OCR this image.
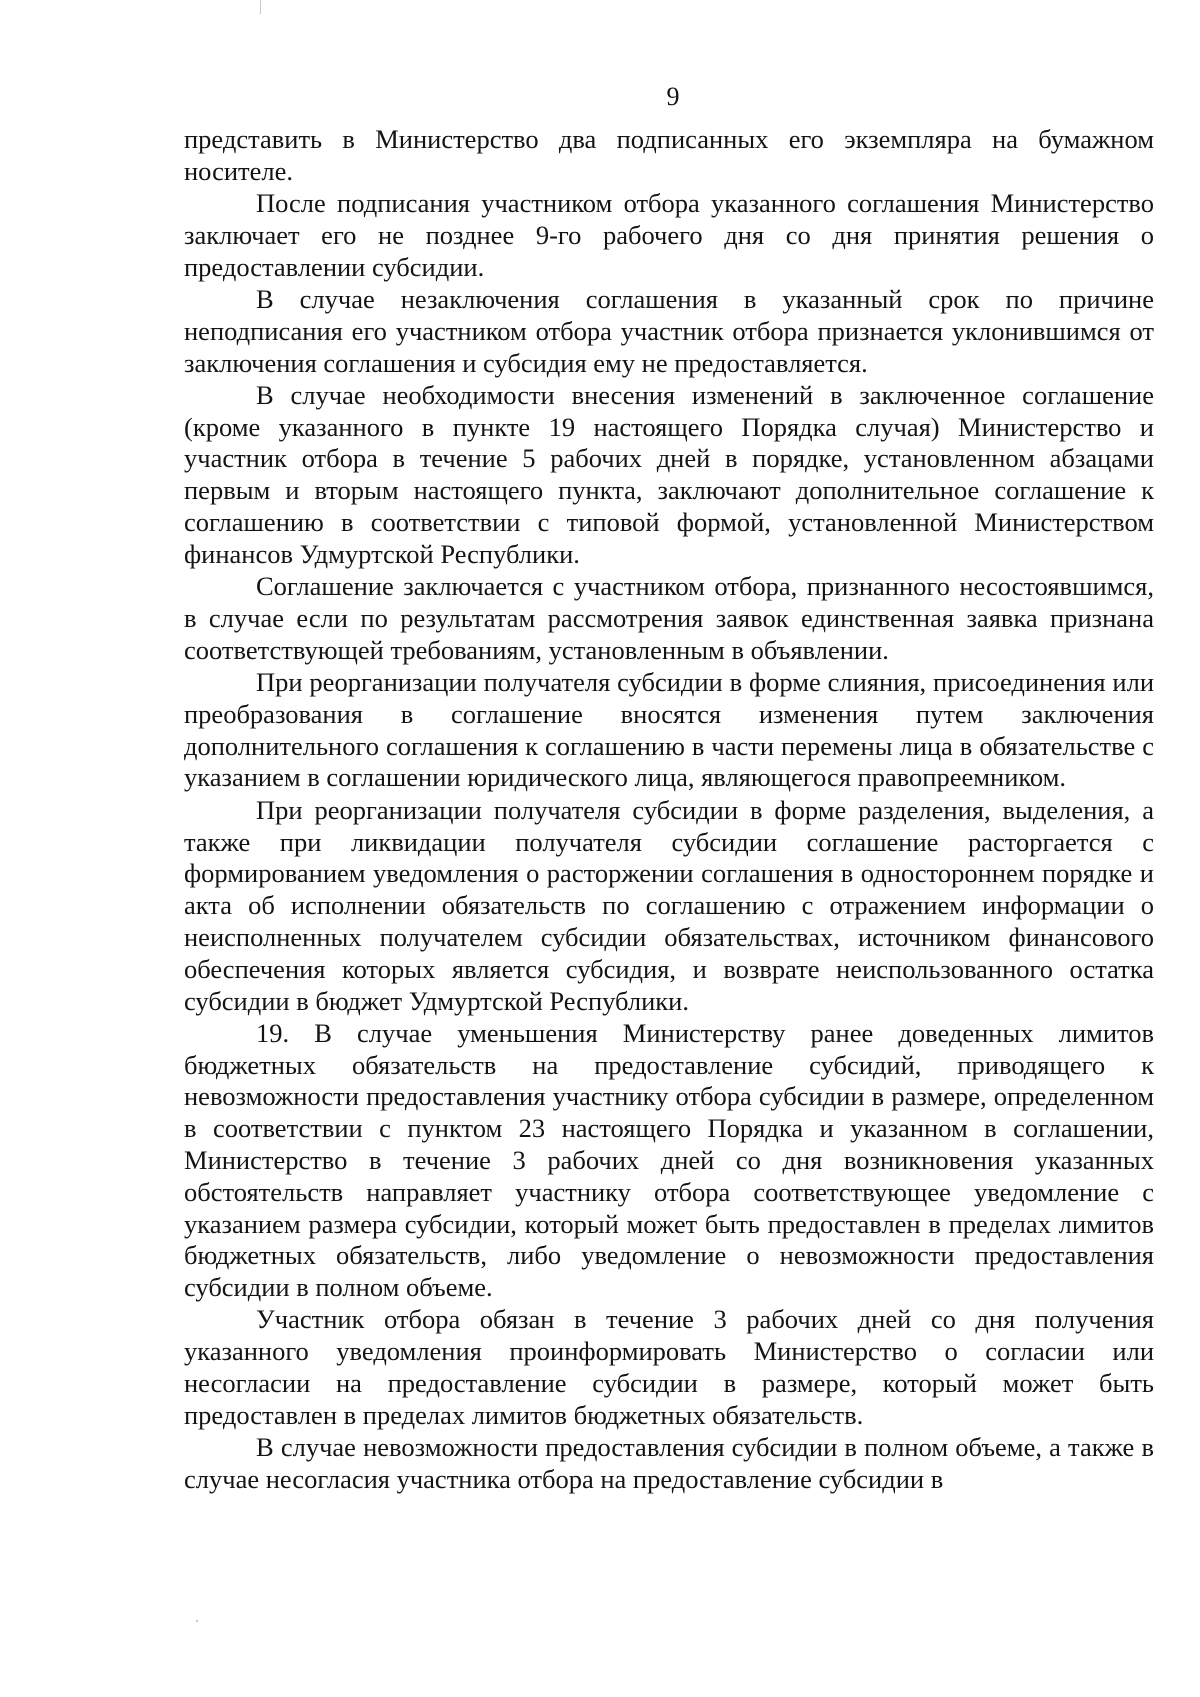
9

представить в Министерство два подписанных его экземпляра на бумажном носителе.

После подписания участником отбора указанного соглашения Министерство заключает его не позднее 9-го рабочего дня со дня принятия решения о предоставлении субсидии.

В случае незаключения соглашения в указанный срок по причине неподписания его участником отбора участник отбора признается уклонившимся от заключения соглашения и субсидия ему не предоставляется.

В случае необходимости внесения изменений в заключенное соглашение (кроме указанного в пункте 19 настоящего Порядка случая) Министерство и участник отбора в течение 5 рабочих дней в порядке, установленном абзацами первым и вторым настоящего пункта, заключают дополнительное соглашение к соглашению в соответствии с типовой формой, установленной Министерством финансов Удмуртской Республики.

Соглашение заключается с участником отбора, признанного несостоявшимся, в случае если по результатам рассмотрения заявок единственная заявка признана соответствующей требованиям, установленным в объявлении.

При реорганизации получателя субсидии в форме слияния, присоединения или преобразования в соглашение вносятся изменения путем заключения дополнительного соглашения к соглашению в части перемены лица в обязательстве с указанием в соглашении юридического лица, являющегося правопреемником.

При реорганизации получателя субсидии в форме разделения, выделения, а также при ликвидации получателя субсидии соглашение расторгается с формированием уведомления о расторжении соглашения в одностороннем порядке и акта об исполнении обязательств по соглашению с отражением информации о неисполненных получателем субсидии обязательствах, источником финансового обеспечения которых является субсидия, и возврате неиспользованного остатка субсидии в бюджет Удмуртской Республики.

19. В случае уменьшения Министерству ранее доведенных лимитов бюджетных обязательств на предоставление субсидий, приводящего к невозможности предоставления участнику отбора субсидии в размере, определенном в соответствии с пунктом 23 настоящего Порядка и указанном в соглашении, Министерство в течение 3 рабочих дней со дня возникновения указанных обстоятельств направляет участнику отбора соответствующее уведомление с указанием размера субсидии, который может быть предоставлен в пределах лимитов бюджетных обязательств, либо уведомление о невозможности предоставления субсидии в полном объеме.

Участник отбора обязан в течение 3 рабочих дней со дня получения указанного уведомления проинформировать Министерство о согласии или несогласии на предоставление субсидии в размере, который может быть предоставлен в пределах лимитов бюджетных обязательств.

В случае невозможности предоставления субсидии в полном объеме, а также в случае несогласия участника отбора на предоставление субсидии в
